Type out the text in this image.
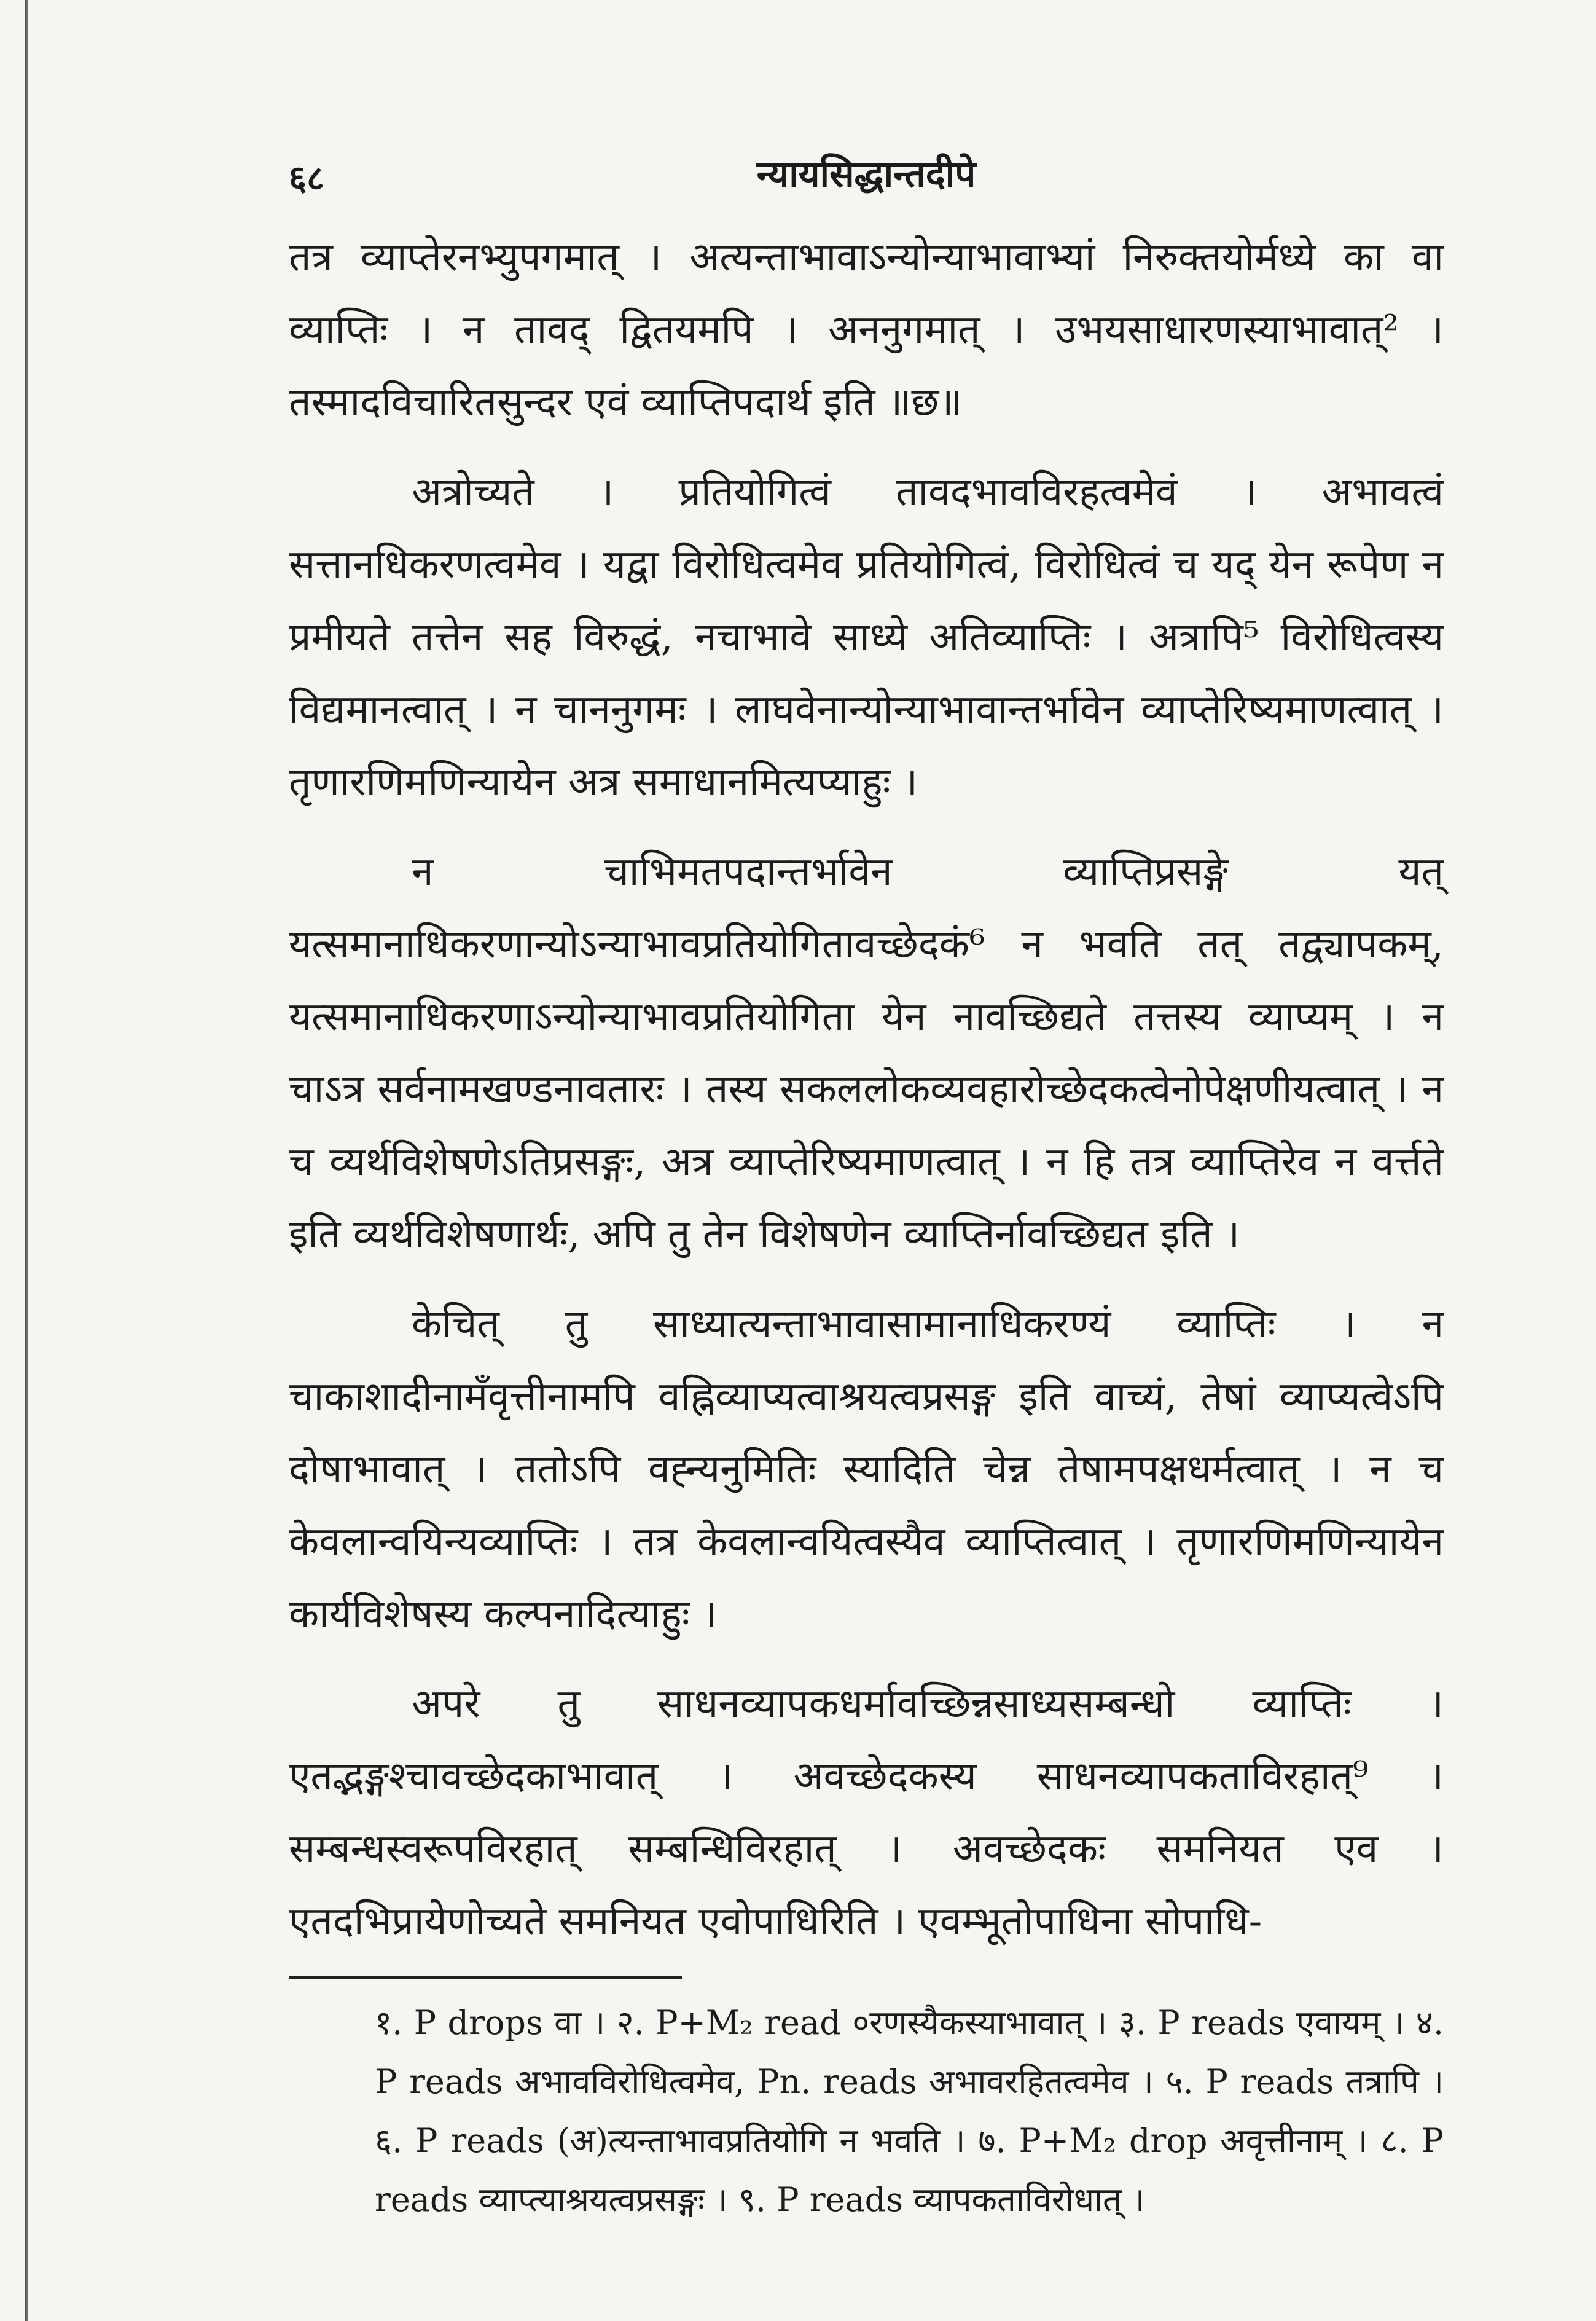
६८	न्यायसिद्धान्तदीपे

तत्र व्याप्तेरनभ्युपगमात् । अत्यन्ताभावाऽन्योन्याभावाभ्यां निरुक्तयोर्मध्ये का वा व्याप्तिः । न तावद् द्वितयमपि । अननुगमात् । उभयसाधारणस्याभावात्² । तस्मादविचारितसुन्दर एवं व्याप्तिपदार्थ इति ॥छ॥

अत्रोच्यते । प्रतियोगित्वं तावदभावविरहत्वमेवं । अभावत्वं सत्तानधिकरणत्वमेव । यद्वा विरोधित्वमेव प्रतियोगित्वं, विरोधित्वं च यद् येन रूपेण न प्रमीयते तत्तेन सह विरुद्धं, नचाभावे साध्ये अतिव्याप्तिः । अत्रापि⁵ विरोधित्वस्य विद्यमानत्वात् । न चाननुगमः । लाघवेनान्योन्याभावान्तर्भावेन व्याप्तेरिष्यमाणत्वात् । तृणारणिमणिन्यायेन अत्र समाधानमित्यप्याहुः ।

न चाभिमतपदान्तर्भावेन व्याप्तिप्रसङ्गे यत् यत्समानाधिकरणान्योऽन्याभावप्रतियोगितावच्छेदकं⁶ न भवति तत् तद्व्यापकम्, यत्समानाधिकरणाऽन्योन्याभावप्रतियोगिता येन नावच्छिद्यते तत्तस्य व्याप्यम् । न चाऽत्र सर्वनामखण्डनावतारः । तस्य सकललोकव्यवहारोच्छेदकत्वेनोपेक्षणीयत्वात् । न च व्यर्थविशेषणेऽतिप्रसङ्गः, अत्र व्याप्तेरिष्यमाणत्वात् । न हि तत्र व्याप्तिरेव न वर्त्तते इति व्यर्थविशेषणार्थः, अपि तु तेन विशेषणेन व्याप्तिर्नावच्छिद्यत इति ।

केचित् तु साध्यात्यन्ताभावासामानाधिकरण्यं व्याप्तिः । न चाकाशादीनामँवृत्तीनामपि वह्निव्याप्यत्वाश्रयत्वप्रसङ्ग इति वाच्यं, तेषां व्याप्यत्वेऽपि दोषाभावात् । ततोऽपि वह्न्यनुमितिः स्यादिति चेन्न तेषामपक्षधर्मत्वात् । न च केवलान्वयिन्यव्याप्तिः । तत्र केवलान्वयित्वस्यैव व्याप्तित्वात् । तृणारणिमणिन्यायेन कार्यविशेषस्य कल्पनादित्याहुः ।

अपरे तु साधनव्यापकधर्मावच्छिन्नसाध्यसम्बन्धो व्याप्तिः । एतद्भङ्गश्चावच्छेदकाभावात् । अवच्छेदकस्य साधनव्यापकताविरहात्⁹ । सम्बन्धस्वरूपविरहात् सम्बन्धिविरहात् । अवच्छेदकः समनियत एव । एतदभिप्रायेणोच्यते समनियत एवोपाधिरिति । एवम्भूतोपाधिना सोपाधि-

१. P drops वा । २. P+M₂ read ०रणस्यैकस्याभावात् । ३. P reads एवायम् । ४. P reads अभावविरोधित्वमेव, Pn. reads अभावरहितत्वमेव । ५. P reads तत्रापि । ६. P reads (अ)त्यन्ताभावप्रतियोगि न भवति । ७. P+M₂ drop अवृत्तीनाम् । ८. P reads व्याप्त्याश्रयत्वप्रसङ्गः । ९. P reads व्यापकताविरोधात् ।
